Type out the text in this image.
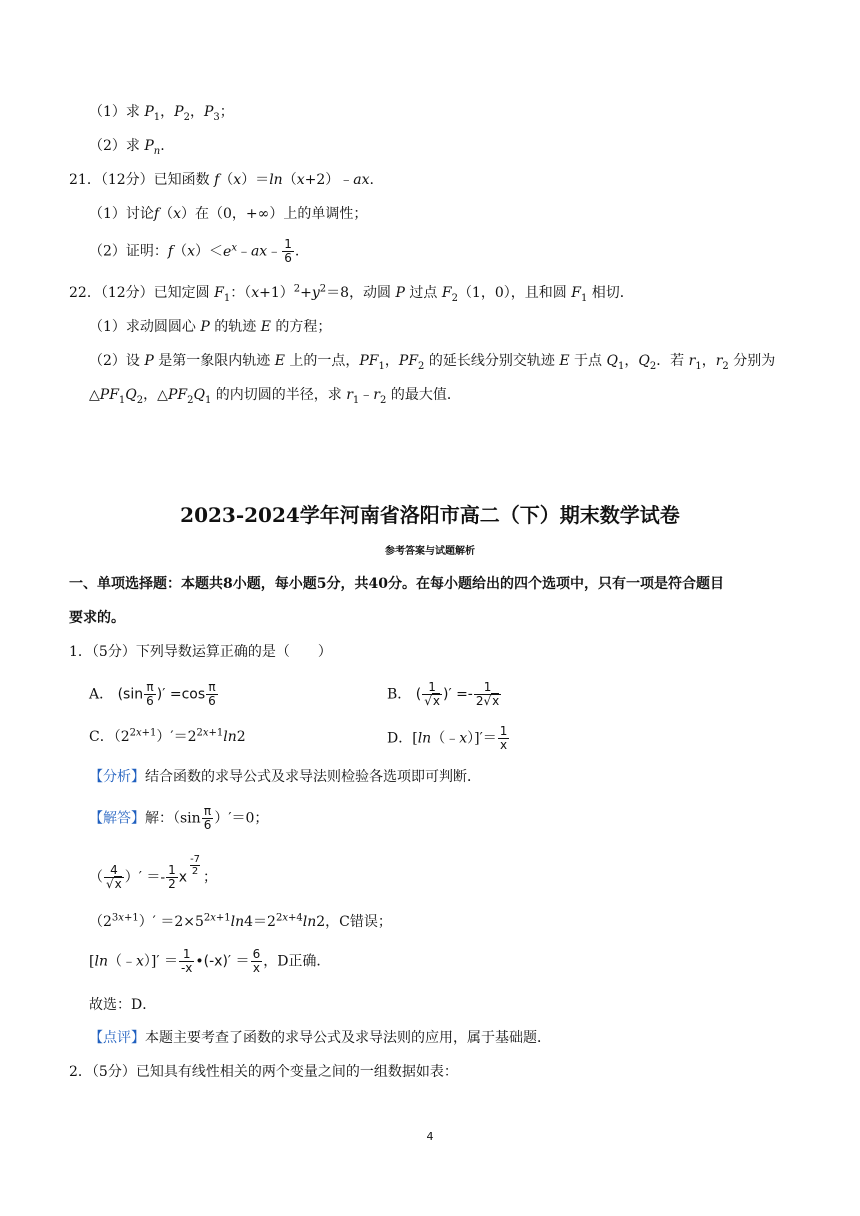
（1）求 $P_1$，$P_2$，$P_3$；
（2）求 $P_n$.
21．（12分）已知函数 f（x）＝ln（x+2）﹣ax.
（1）讨论f（x）在（0，+∞）上的单调性；
（2）证明：$f(x)<e^x﹣ax﹣ \frac{1}{6}$ .
22．（12分）已知定圆 $F_1$：$(x+1)^2+y^2=8$，动圆 P 过点 $F_2(1$，0），且和圆 $F_1$ 相切．
（1）求动圆圆心 P 的轨迹 E 的方程；
（2）设 P 是第一象限内轨迹 E 上的一点，$PF_1$，$PF_2$ 的延长线分别交轨迹 E 于点 $Q_1$，$Q_2$．若 $r_1$，$r_2$ 分别为
$\triangle PF_1Q_2$，$\triangle PF_2Q_1$ 的内切圆的半径，求 $r_1﹣r_2$ 的最大值．
2023-2024学年河南省洛阳市高二（下）期末数学试卷
参考答案与试题解析
一、单项选择题：本题共8小题，每小题5分，共40分。在每小题给出的四个选项中，只有一项是符合题目
要求的。
1．（5分）下列导数运算正确的是（　　）
A． ($\sin \frac{\pi}{6}$ )′ $=\cos \frac{\pi}{6}$	B． ( $\frac{1}{√x}$ )′ =- $\frac{1}{2√x}$
C．$(2^{2x+1})'=2^{2x+1}\ln 2$	D．[ln（﹣x）]′＝ $\frac{1}{x}$
【分析】结合函数的求导公式及求导法则检验各选项即可判断．
【解答】解：$(\sin \frac{\pi}{6} )'=0$；
（ $\frac{4}{√x}$ ）′ ＝- $\frac{1}{2}$ x
$^{\frac{-7}{2}}$
；
$(2^{3x+1})' =2\times 5^{2x+1}\ln 4=2^{2x+4}\ln 2$，C错误；
[ln（﹣x）]′ ＝ $\frac{1}{-x}$ •(-x)′ ＝ $\frac{6}{x}$ ，D正确．
故选：D．
【点评】本题主要考查了函数的求导公式及求导法则的应用，属于基础题．
2．（5分）已知具有线性相关的两个变量之间的一组数据如表：
4
